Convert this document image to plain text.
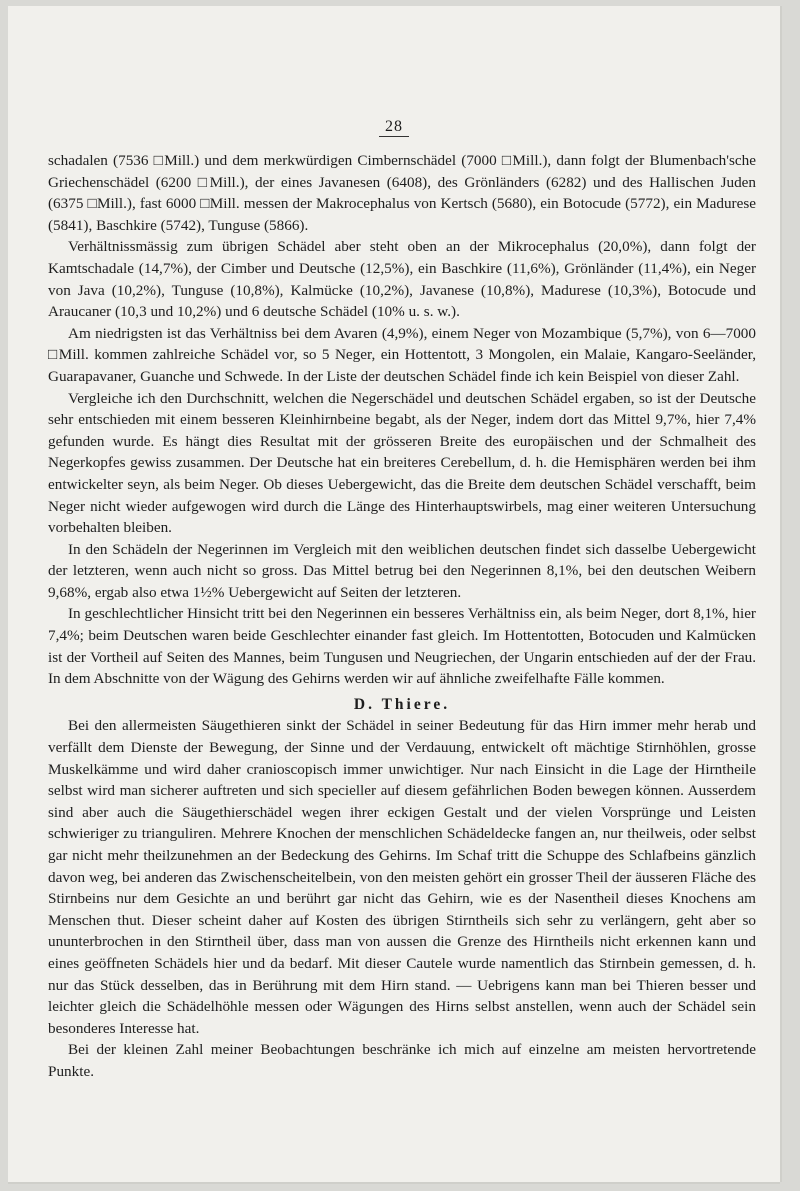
28

schadalen (7536 □Mill.) und dem merkwürdigen Cimbernschädel (7000 □Mill.), dann folgt der Blumenbach'sche Griechenschädel (6200 □Mill.), der eines Javanesen (6408), des Grönländers (6282) und des Hallischen Juden (6375 □Mill.), fast 6000 □Mill. messen der Makrocephalus von Kertsch (5680), ein Botocude (5772), ein Madurese (5841), Baschkire (5742), Tunguse (5866).

Verhältnissmässig zum übrigen Schädel aber steht oben an der Mikrocephalus (20,0%), dann folgt der Kamtschadale (14,7%), der Cimber und Deutsche (12,5%), ein Baschkire (11,6%), Grönländer (11,4%), ein Neger von Java (10,2%), Tunguse (10,8%), Kalmücke (10,2%), Javanese (10,8%), Madurese (10,3%), Botocude und Araucaner (10,3 und 10,2%) und 6 deutsche Schädel (10% u. s. w.).

Am niedrigsten ist das Verhältniss bei dem Avaren (4,9%), einem Neger von Mozambique (5,7%), von 6—7000 □Mill. kommen zahlreiche Schädel vor, so 5 Neger, ein Hottentott, 3 Mongolen, ein Malaie, Kangaro-Seeländer, Guarapavaner, Guanche und Schwede. In der Liste der deutschen Schädel finde ich kein Beispiel von dieser Zahl.

Vergleiche ich den Durchschnitt, welchen die Negerschädel und deutschen Schädel ergaben, so ist der Deutsche sehr entschieden mit einem besseren Kleinhirnbeine begabt, als der Neger, indem dort das Mittel 9,7%, hier 7,4% gefunden wurde. Es hängt dies Resultat mit der grösseren Breite des europäischen und der Schmalheit des Negerkopfes gewiss zusammen. Der Deutsche hat ein breiteres Cerebellum, d. h. die Hemisphären werden bei ihm entwickelter seyn, als beim Neger. Ob dieses Uebergewicht, das die Breite dem deutschen Schädel verschafft, beim Neger nicht wieder aufgewogen wird durch die Länge des Hinterhauptswirbels, mag einer weiteren Untersuchung vorbehalten bleiben.

In den Schädeln der Negerinnen im Vergleich mit den weiblichen deutschen findet sich dasselbe Uebergewicht der letzteren, wenn auch nicht so gross. Das Mittel betrug bei den Negerinnen 8,1%, bei den deutschen Weibern 9,68%, ergab also etwa 1½% Uebergewicht auf Seiten der letzteren.

In geschlechtlicher Hinsicht tritt bei den Negerinnen ein besseres Verhältniss ein, als beim Neger, dort 8,1%, hier 7,4%; beim Deutschen waren beide Geschlechter einander fast gleich. Im Hottentotten, Botocuden und Kalmücken ist der Vortheil auf Seiten des Mannes, beim Tungusen und Neugriechen, der Ungarin entschieden auf der der Frau. In dem Abschnitte von der Wägung des Gehirns werden wir auf ähnliche zweifelhafte Fälle kommen.

D. Thiere.

Bei den allermeisten Säugethieren sinkt der Schädel in seiner Bedeutung für das Hirn immer mehr herab und verfällt dem Dienste der Bewegung, der Sinne und der Verdauung, entwickelt oft mächtige Stirnhöhlen, grosse Muskelkämme und wird daher cranioscopisch immer unwichtiger. Nur nach Einsicht in die Lage der Hirntheile selbst wird man sicherer auftreten und sich specieller auf diesem gefährlichen Boden bewegen können. Ausserdem sind aber auch die Säugethierschädel wegen ihrer eckigen Gestalt und der vielen Vorsprünge und Leisten schwieriger zu trianguliren. Mehrere Knochen der menschlichen Schädeldecke fangen an, nur theilweis, oder selbst gar nicht mehr theilzunehmen an der Bedeckung des Gehirns. Im Schaf tritt die Schuppe des Schlafbeins gänzlich davon weg, bei anderen das Zwischenscheitelbein, von den meisten gehört ein grosser Theil der äusseren Fläche des Stirnbeins nur dem Gesichte an und berührt gar nicht das Gehirn, wie es der Nasentheil dieses Knochens am Menschen thut. Dieser scheint daher auf Kosten des übrigen Stirntheils sich sehr zu verlängern, geht aber so ununterbrochen in den Stirntheil über, dass man von aussen die Grenze des Hirntheils nicht erkennen kann und eines geöffneten Schädels hier und da bedarf. Mit dieser Cautele wurde namentlich das Stirnbein gemessen, d. h. nur das Stück desselben, das in Berührung mit dem Hirn stand. — Uebrigens kann man bei Thieren besser und leichter gleich die Schädelhöhle messen oder Wägungen des Hirns selbst anstellen, wenn auch der Schädel sein besonderes Interesse hat.

Bei der kleinen Zahl meiner Beobachtungen beschränke ich mich auf einzelne am meisten hervortretende Punkte.
